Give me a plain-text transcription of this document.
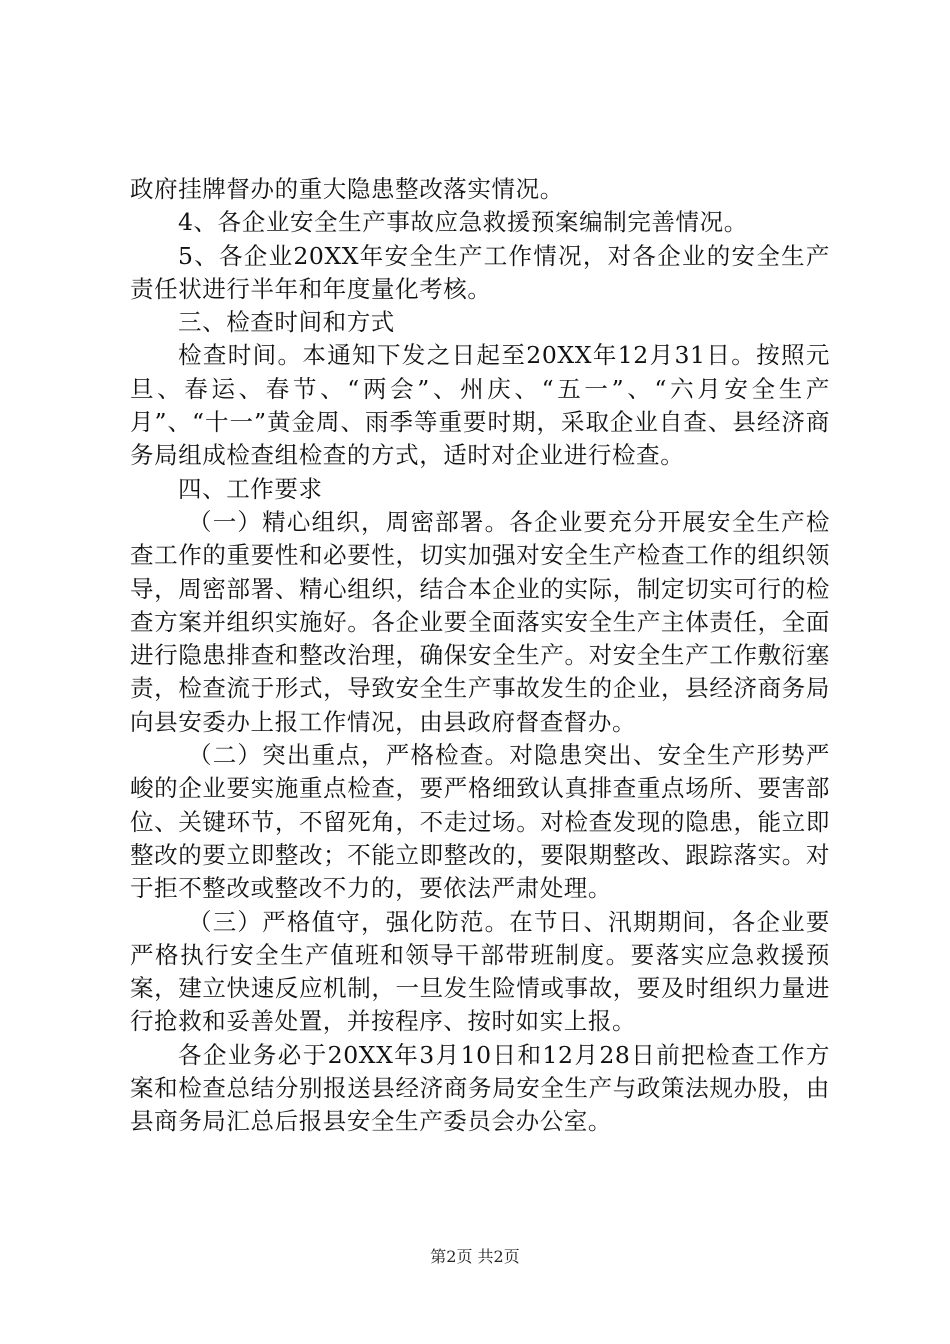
政府挂牌督办的重大隐患整改落实情况。

4、各企业安全生产事故应急救援预案编制完善情况。

5、各企业20XX年安全生产工作情况，对各企业的安全生产责任状进行半年和年度量化考核。

三、检查时间和方式

检查时间。本通知下发之日起至20XX年12月31日。按照元旦、春运、春节、“两会”、州庆、“五一”、“六月安全生产月”、“十一”黄金周、雨季等重要时期，采取企业自查、县经济商务局组成检查组检查的方式，适时对企业进行检查。

四、工作要求

（一）精心组织，周密部署。各企业要充分开展安全生产检查工作的重要性和必要性，切实加强对安全生产检查工作的组织领导，周密部署、精心组织，结合本企业的实际，制定切实可行的检查方案并组织实施好。各企业要全面落实安全生产主体责任，全面进行隐患排查和整改治理，确保安全生产。对安全生产工作敷衍塞责，检查流于形式，导致安全生产事故发生的企业，县经济商务局向县安委办上报工作情况，由县政府督查督办。

（二）突出重点，严格检查。对隐患突出、安全生产形势严峻的企业要实施重点检查，要严格细致认真排查重点场所、要害部位、关键环节，不留死角，不走过场。对检查发现的隐患，能立即整改的要立即整改；不能立即整改的，要限期整改、跟踪落实。对于拒不整改或整改不力的，要依法严肃处理。

（三）严格值守，强化防范。在节日、汛期期间，各企业要严格执行安全生产值班和领导干部带班制度。要落实应急救援预案，建立快速反应机制，一旦发生险情或事故，要及时组织力量进行抢救和妥善处置，并按程序、按时如实上报。

各企业务必于20XX年3月10日和12月28日前把检查工作方案和检查总结分别报送县经济商务局安全生产与政策法规办股，由县商务局汇总后报县安全生产委员会办公室。

第2页 共2页
